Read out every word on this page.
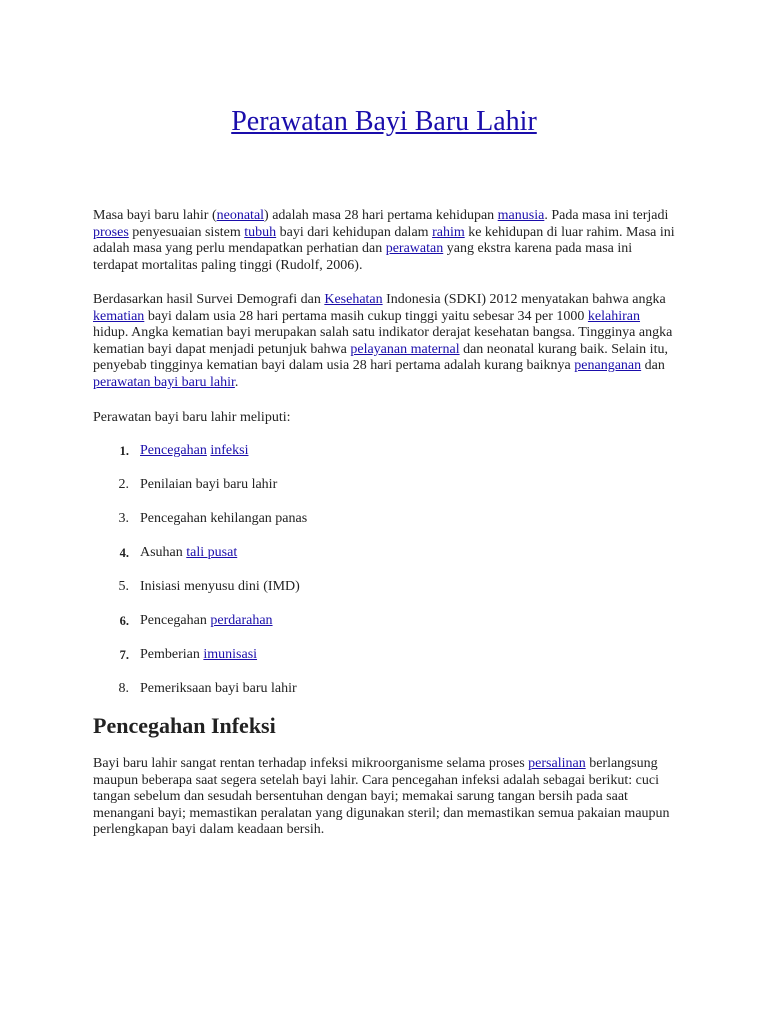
Perawatan Bayi Baru Lahir

Masa bayi baru lahir (neonatal) adalah masa 28 hari pertama kehidupan manusia. Pada masa ini terjadi proses penyesuaian sistem tubuh bayi dari kehidupan dalam rahim ke kehidupan di luar rahim. Masa ini adalah masa yang perlu mendapatkan perhatian dan perawatan yang ekstra karena pada masa ini terdapat mortalitas paling tinggi (Rudolf, 2006).

Berdasarkan hasil Survei Demografi dan Kesehatan Indonesia (SDKI) 2012 menyatakan bahwa angka kematian bayi dalam usia 28 hari pertama masih cukup tinggi yaitu sebesar 34 per 1000 kelahiran hidup. Angka kematian bayi merupakan salah satu indikator derajat kesehatan bangsa. Tingginya angka kematian bayi dapat menjadi petunjuk bahwa pelayanan maternal dan neonatal kurang baik. Selain itu, penyebab tingginya kematian bayi dalam usia 28 hari pertama adalah kurang baiknya penanganan dan perawatan bayi baru lahir.

Perawatan bayi baru lahir meliputi:

1. Pencegahan infeksi
2. Penilaian bayi baru lahir
3. Pencegahan kehilangan panas
4. Asuhan tali pusat
5. Inisiasi menyusu dini (IMD)
6. Pencegahan perdarahan
7. Pemberian imunisasi
8. Pemeriksaan bayi baru lahir
Pencegahan Infeksi

Bayi baru lahir sangat rentan terhadap infeksi mikroorganisme selama proses persalinan berlangsung maupun beberapa saat segera setelah bayi lahir. Cara pencegahan infeksi adalah sebagai berikut: cuci tangan sebelum dan sesudah bersentuhan dengan bayi; memakai sarung tangan bersih pada saat menangani bayi; memastikan peralatan yang digunakan steril; dan memastikan semua pakaian maupun perlengkapan bayi dalam keadaan bersih.
